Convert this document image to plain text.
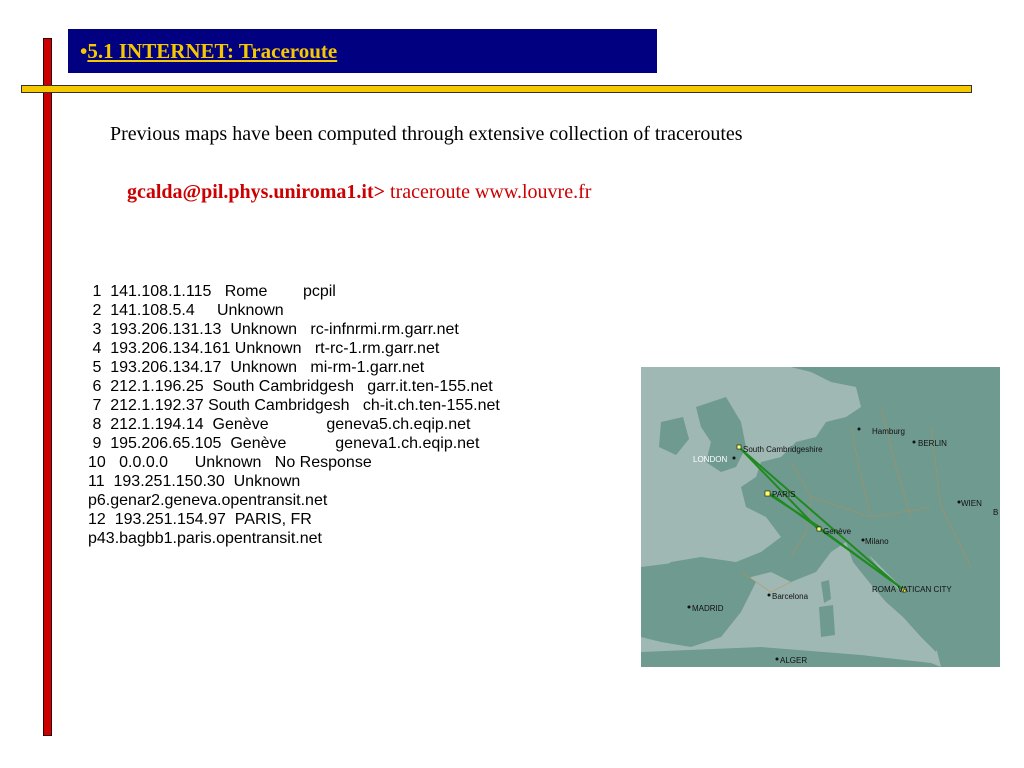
•5.1 INTERNET: Traceroute
Previous maps have been computed through extensive collection of traceroutes
gcalda@pil.phys.uniroma1.it> traceroute www.louvre.fr
1  141.108.1.115   Rome        pcpil
2  141.108.5.4     Unknown
3  193.206.131.13  Unknown   rc-infnrmi.rm.garr.net
4  193.206.134.161 Unknown   rt-rc-1.rm.garr.net
5  193.206.134.17  Unknown   mi-rm-1.garr.net
6  212.1.196.25  South Cambridgesh   garr.it.ten-155.net
7  212.1.192.37 South Cambridgesh   ch-it.ch.ten-155.net
8  212.1.194.14  Genève             geneva5.ch.eqip.net
9  195.206.65.105  Genève           geneva1.ch.eqip.net
10   0.0.0.0      Unknown   No Response
11  193.251.150.30  Unknown
p6.genar2.geneva.opentransit.net
12  193.251.154.97  PARIS, FR
p43.bagbb1.paris.opentransit.net
Hamburg
BERLIN
LONDON
South Cambridgeshire
PARIS
WIEN
B
Genève
Milano
Barcelona
ROMA VATICAN CITY
MADRID
ALGER
